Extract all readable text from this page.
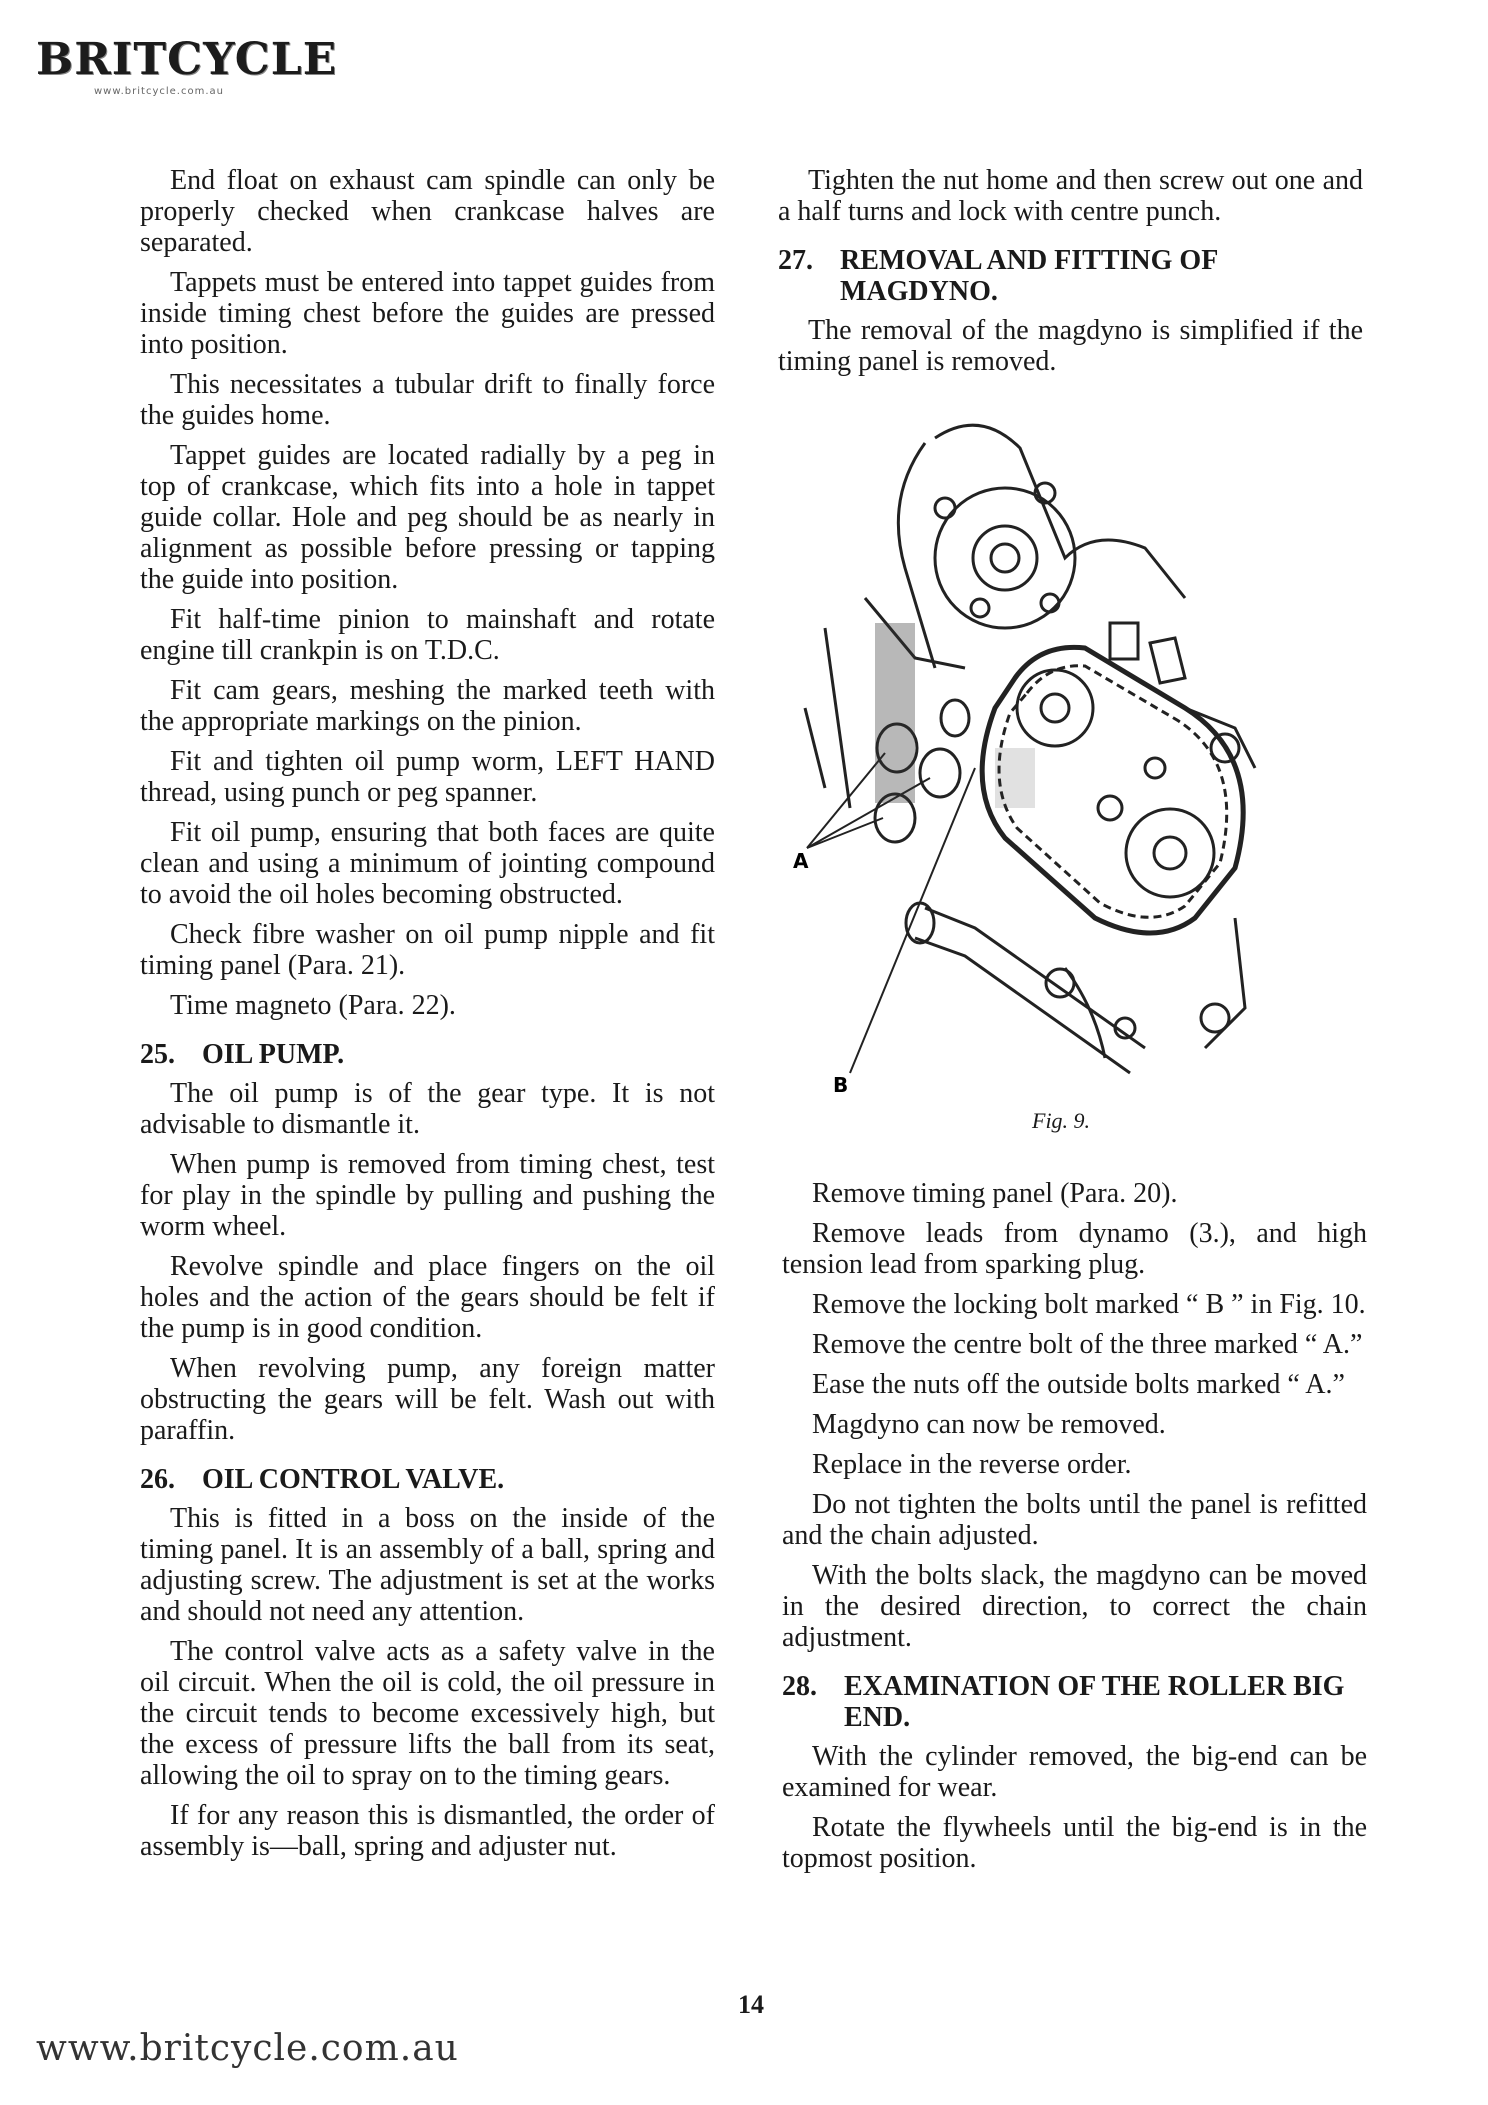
BRITCYCLE
www.britcycle.com.au

End float on exhaust cam spindle can only be properly checked when crankcase halves are separated.

Tappets must be entered into tappet guides from inside timing chest before the guides are pressed into position.

This necessitates a tubular drift to finally force the guides home.

Tappet guides are located radially by a peg in top of crankcase, which fits into a hole in tappet guide collar. Hole and peg should be as nearly in alignment as possible before pressing or tapping the guide into position.

Fit half-time pinion to mainshaft and rotate engine till crankpin is on T.D.C.

Fit cam gears, meshing the marked teeth with the appropriate markings on the pinion.

Fit and tighten oil pump worm, LEFT HAND thread, using punch or peg spanner.

Fit oil pump, ensuring that both faces are quite clean and using a minimum of jointing compound to avoid the oil holes becoming obstructed.

Check fibre washer on oil pump nipple and fit timing panel (Para. 21).

Time magneto (Para. 22).

25. OIL PUMP.

The oil pump is of the gear type. It is not advisable to dismantle it.

When pump is removed from timing chest, test for play in the spindle by pulling and pushing the worm wheel.

Revolve spindle and place fingers on the oil holes and the action of the gears should be felt if the pump is in good condition.

When revolving pump, any foreign matter obstructing the gears will be felt. Wash out with paraffin.

26. OIL CONTROL VALVE.

This is fitted in a boss on the inside of the timing panel. It is an assembly of a ball, spring and adjusting screw. The adjustment is set at the works and should not need any attention.

The control valve acts as a safety valve in the oil circuit. When the oil is cold, the oil pressure in the circuit tends to become excessively high, but the excess of pressure lifts the ball from its seat, allowing the oil to spray on to the timing gears.

If for any reason this is dismantled, the order of assembly is—ball, spring and adjuster nut.

Tighten the nut home and then screw out one and a half turns and lock with centre punch.

27. REMOVAL AND FITTING OF MAGDYNO.

The removal of the magdyno is simplified if the timing panel is removed.

A
B
Fig. 9.

Remove timing panel (Para. 20).

Remove leads from dynamo (3.), and high tension lead from sparking plug.

Remove the locking bolt marked “ B ” in Fig. 10.

Remove the centre bolt of the three marked “ A.”

Ease the nuts off the outside bolts marked “ A.”

Magdyno can now be removed.

Replace in the reverse order.

Do not tighten the bolts until the panel is refitted and the chain adjusted.

With the bolts slack, the magdyno can be moved in the desired direction, to correct the chain adjustment.

28. EXAMINATION OF THE ROLLER BIG END.

With the cylinder removed, the big-end can be examined for wear.

Rotate the flywheels until the big-end is in the topmost position.

14
www.britcycle.com.au
